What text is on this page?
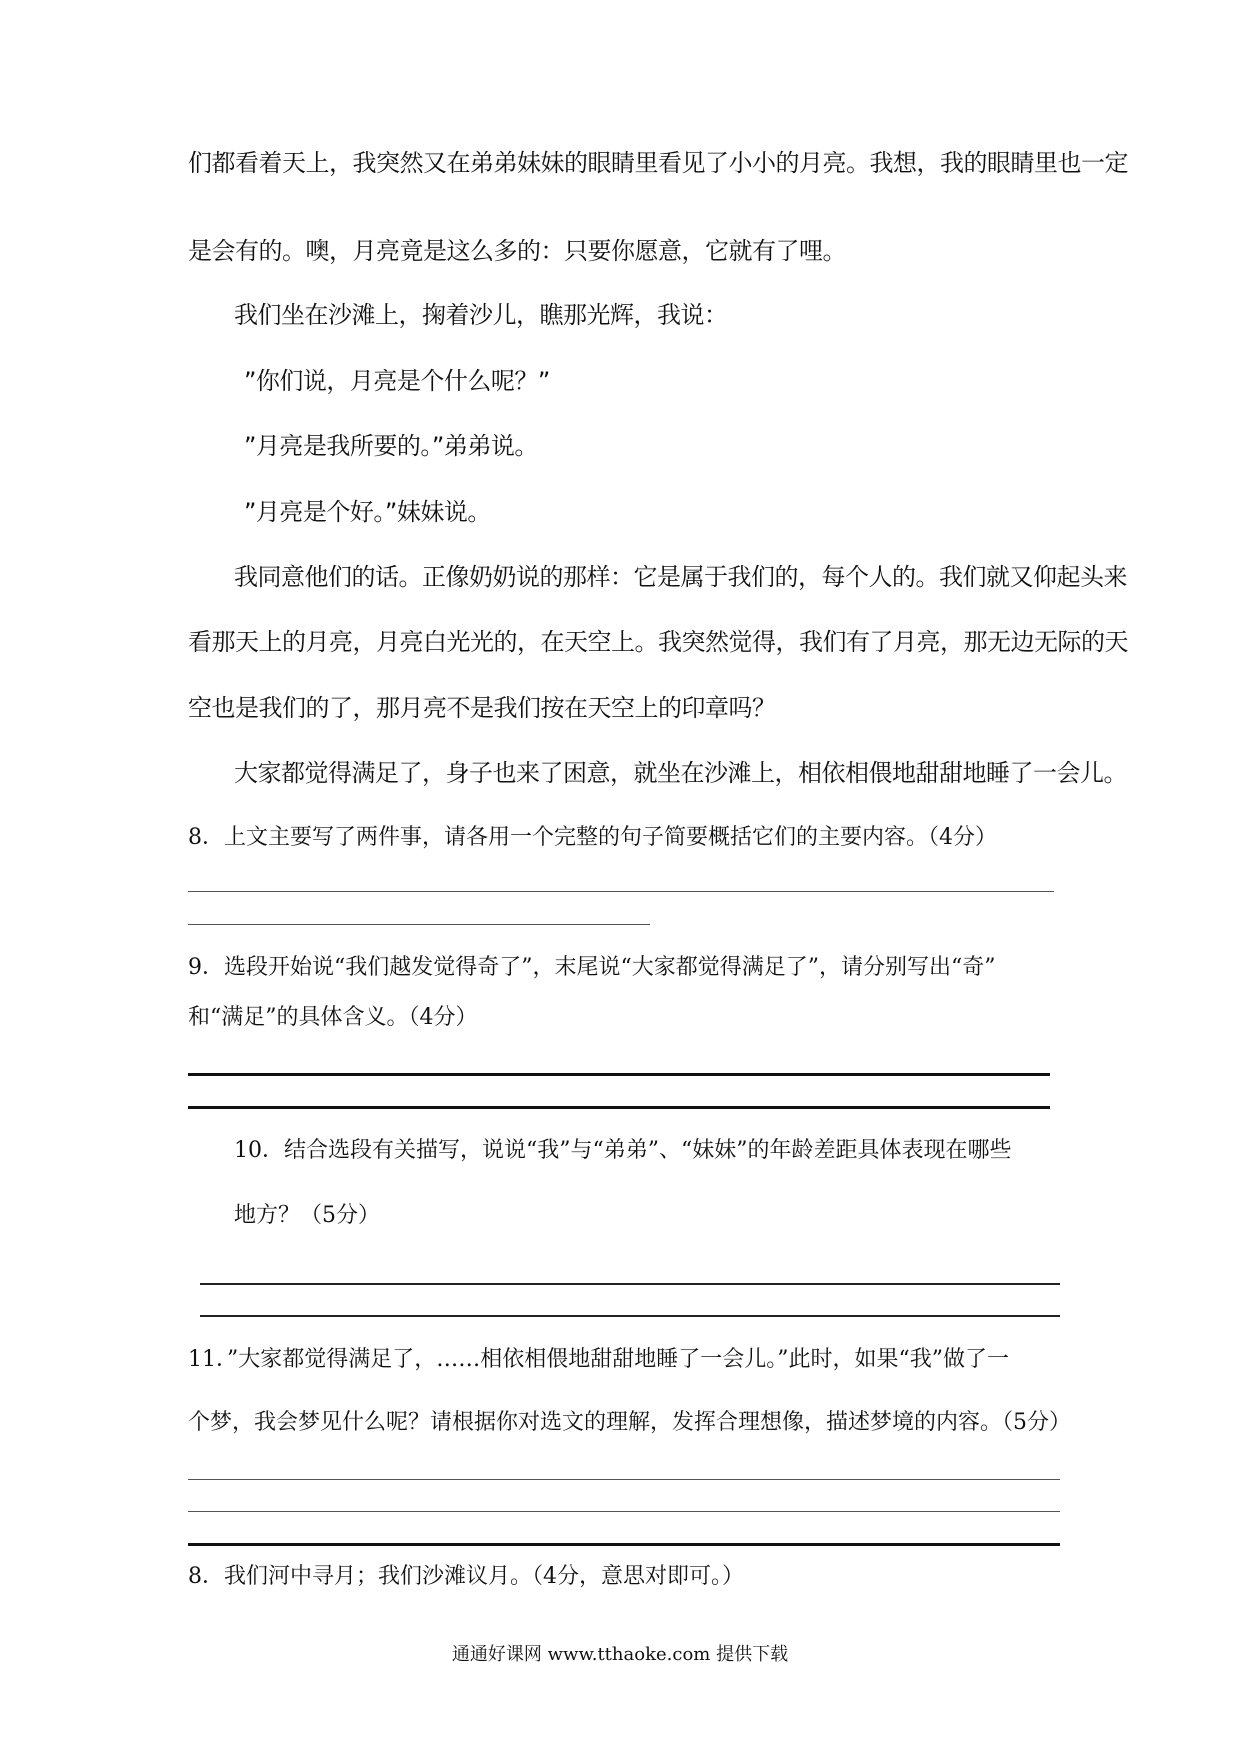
们都看着天上，我突然又在弟弟妹妹的眼睛里看见了小小的月亮。我想，我的眼睛里也一定
是会有的。噢，月亮竟是这么多的：只要你愿意，它就有了哩。
我们坐在沙滩上，掬着沙儿，瞧那光辉，我说：
”你们说，月亮是个什么呢？”
”月亮是我所要的。”弟弟说。
”月亮是个好。”妹妹说。
我同意他们的话。正像奶奶说的那样：它是属于我们的，每个人的。我们就又仰起头来
看那天上的月亮，月亮白光光的，在天空上。我突然觉得，我们有了月亮，那无边无际的天
空也是我们的了，那月亮不是我们按在天空上的印章吗？
大家都觉得满足了，身子也来了困意，就坐在沙滩上，相依相偎地甜甜地睡了一会儿。
8．上文主要写了两件事，请各用一个完整的句子简要概括它们的主要内容。（4分）
9．选段开始说“我们越发觉得奇了”，末尾说“大家都觉得满足了”，请分别写出“奇”
和“满足”的具体含义。（4分）
10．结合选段有关描写，说说“我”与“弟弟”、“妹妹”的年龄差距具体表现在哪些
地方？（5分）
11．”大家都觉得满足了，……相依相偎地甜甜地睡了一会儿。”此时，如果“我”做了一
个梦，我会梦见什么呢？请根据你对选文的理解，发挥合理想像，描述梦境的内容。（5分）
8．我们河中寻月；我们沙滩议月。（4分，意思对即可。）
通通好课网 www.tthaoke.com 提供下载
